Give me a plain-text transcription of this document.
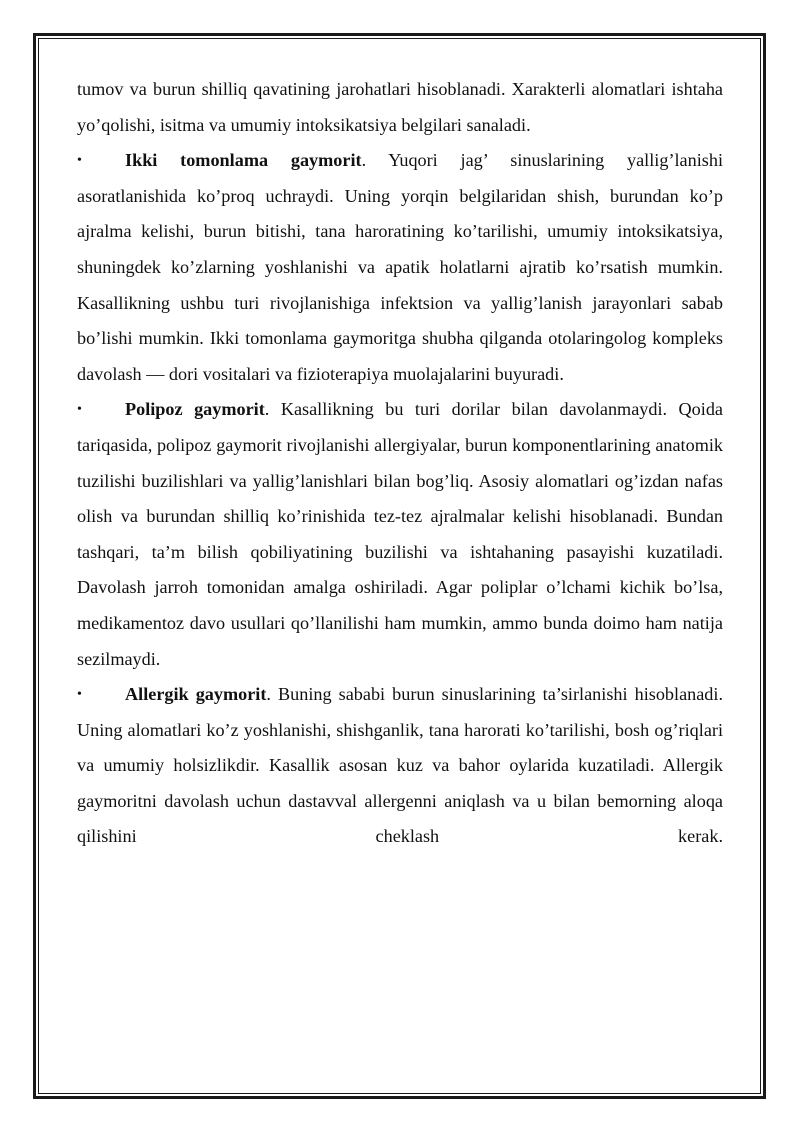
tumov va burun shilliq qavatining jarohatlari hisoblanadi. Xarakterli alomatlari ishtaha yo’qolishi, isitma va umumiy intoksikatsiya belgilari sanaladi.

• Ikki tomonlama gaymorit. Yuqori jag’ sinuslarining yallig’lanishi asoratlanishida ko’proq uchraydi. Uning yorqin belgilaridan shish, burundan ko’p ajralma kelishi, burun bitishi, tana haroratining ko’tarilishi, umumiy intoksikatsiya, shuningdek ko’zlarning yoshlanishi va apatik holatlarni ajratib ko’rsatish mumkin. Kasallikning ushbu turi rivojlanishiga infektsion va yallig’lanish jarayonlari sabab bo’lishi mumkin. Ikki tomonlama gaymoritga shubha qilganda otolaringolog kompleks davolash — dori vositalari va fizioterapiya muolajalarini buyuradi.

• Polipoz gaymorit. Kasallikning bu turi dorilar bilan davolanmaydi. Qoida tariqasida, polipoz gaymorit rivojlanishi allergiyalar, burun komponentlarining anatomik tuzilishi buzilishlari va yallig’lanishlari bilan bog’liq. Asosiy alomatlari og’izdan nafas olish va burundan shilliq ko’rinishida tez-tez ajralmalar kelishi hisoblanadi. Bundan tashqari, ta’m bilish qobiliyatining buzilishi va ishtahaning pasayishi kuzatiladi. Davolash jarroh tomonidan amalga oshiriladi. Agar poliplar o’lchami kichik bo’lsa, medikamentoz davo usullari qo’llanilishi ham mumkin, ammo bunda doimo ham natija sezilmaydi.

• Allergik gaymorit. Buning sababi burun sinuslarining ta’sirlanishi hisoblanadi. Uning alomatlari ko’z yoshlanishi, shishganlik, tana harorati ko’tarilishi, bosh og’riqlari va umumiy holsizlikdir. Kasallik asosan kuz va bahor oylarida kuzatiladi. Allergik gaymoritni davolash uchun dastavval allergenni aniqlash va u bilan bemorning aloqa qilishini cheklash kerak.
